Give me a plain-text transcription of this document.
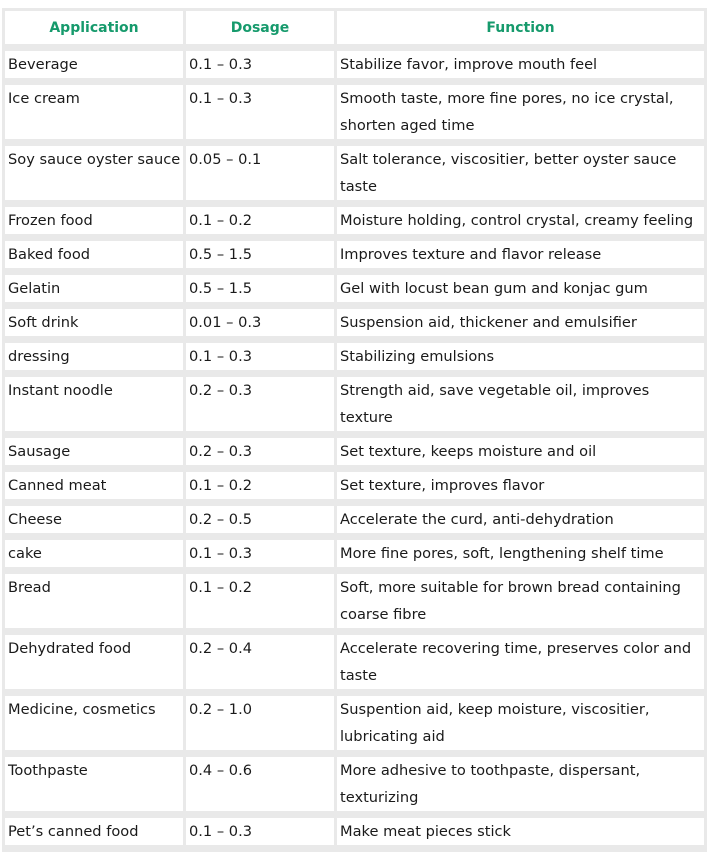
Application	Dosage	Function
Beverage	0.1 – 0.3	Stabilize favor, improve mouth feel
Ice cream	0.1 – 0.3	Smooth taste, more fine pores, no ice crystal, shorten aged time
Soy sauce oyster sauce	0.05 – 0.1	Salt tolerance, viscositier, better oyster sauce taste
Frozen food	0.1 – 0.2	Moisture holding, control crystal, creamy feeling
Baked food	0.5 – 1.5	Improves texture and flavor release
Gelatin	0.5 – 1.5	Gel with locust bean gum and konjac gum
Soft drink	0.01 – 0.3	Suspension aid, thickener and emulsifier
dressing	0.1 – 0.3	Stabilizing emulsions
Instant noodle	0.2 – 0.3	Strength aid, save vegetable oil, improves texture
Sausage	0.2 – 0.3	Set texture, keeps moisture and oil
Canned meat	0.1 – 0.2	Set texture, improves flavor
Cheese	0.2 – 0.5	Accelerate the curd, anti-dehydration
cake	0.1 – 0.3	More fine pores, soft, lengthening shelf time
Bread	0.1 – 0.2	Soft, more suitable for brown bread containing coarse fibre
Dehydrated food	0.2 – 0.4	Accelerate recovering time, preserves color and taste
Medicine, cosmetics	0.2 – 1.0	Suspention aid, keep moisture, viscositier, lubricating aid
Toothpaste	0.4 – 0.6	More adhesive to toothpaste, dispersant, texturizing
Pet’s canned food	0.1 – 0.3	Make meat pieces stick
